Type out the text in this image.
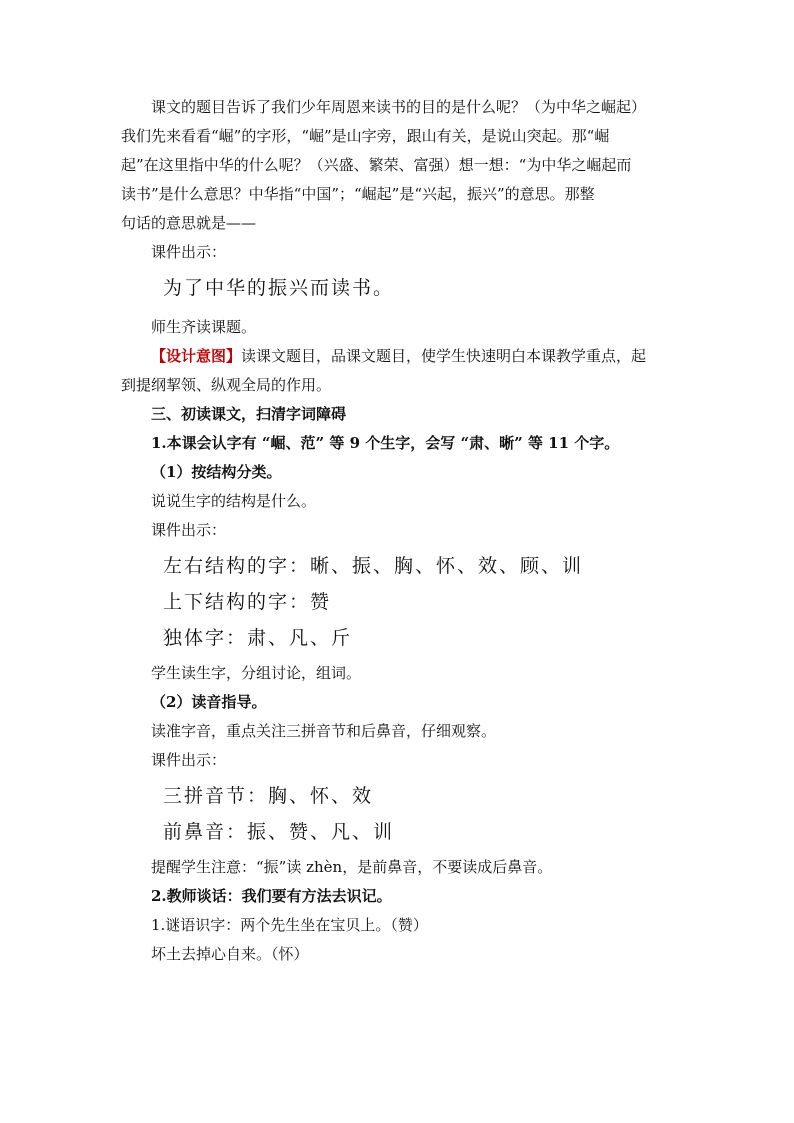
课文的题目告诉了我们少年周恩来读书的目的是什么呢？（为中华之崛起）

我们先来看看“崛”的字形，“崛”是山字旁，跟山有关，是说山突起。那“崛

起”在这里指中华的什么呢？（兴盛、繁荣、富强）想一想：“为中华之崛起而

读书”是什么意思？中华指“中国”；“崛起”是“兴起，振兴”的意思。那整

句话的意思就是——

课件出示：

为了中华的振兴而读书。

师生齐读课题。

【设计意图】读课文题目，品课文题目，使学生快速明白本课教学重点，起

到提纲挈领、纵观全局的作用。

三、初读课文，扫清字词障碍

1.本课会认字有 “崛、范” 等 9 个生字，会写 “肃、晰” 等 11 个字。

（1）按结构分类。

说说生字的结构是什么。

课件出示：

左右结构的字：晰、振、胸、怀、效、顾、训
上下结构的字：赞
独体字：肃、凡、斤

学生读生字，分组讨论，组词。

（2）读音指导。

读准字音，重点关注三拼音节和后鼻音，仔细观察。

课件出示：

三拼音节：胸、怀、效
前鼻音：振、赞、凡、训

提醒学生注意：“振”读 zhèn，是前鼻音，不要读成后鼻音。

2.教师谈话：我们要有方法去识记。

1.谜语识字：两个先生坐在宝贝上。（赞）

坏土去掉心自来。（怀）
